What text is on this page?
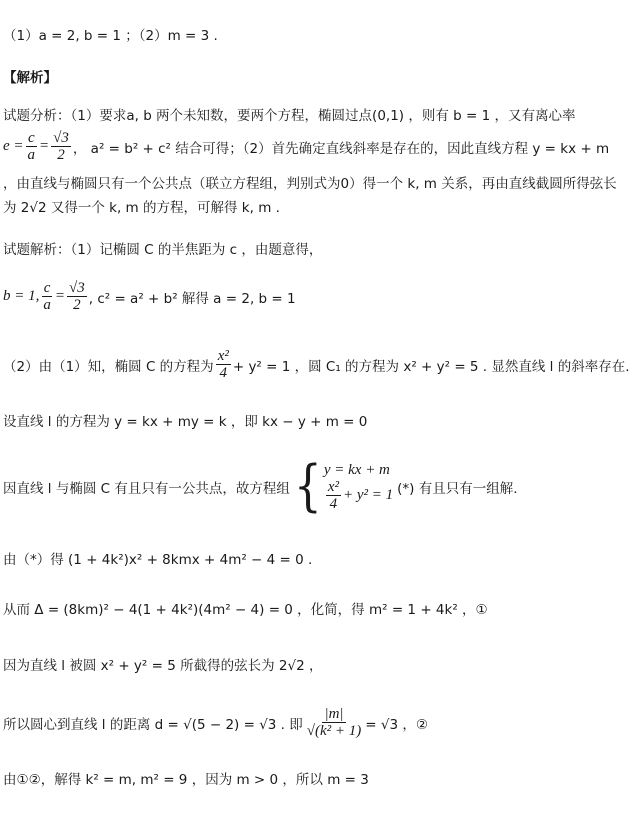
（1）a = 2, b = 1 ；（2）m = 3 .
【解析】
试题分析：（1）要求a, b 两个未知数，要两个方程，椭圆过点(0,1) ，则有 b = 1 ，又有离心率
$e = \frac{c}{a} = \frac{√3}{2}$ ， a² = b² + c² 结合可得；（2）首先确定直线斜率是存在的，因此直线方程 y = kx + m
，由直线与椭圆只有一个公共点（联立方程组，判别式为0）得一个 k, m 关系，再由直线截圆所得弦长
为 2√2 又得一个 k, m 的方程，可解得 k, m .
试题解析：（1）记椭圆 C 的半焦距为 c ，由题意得，
b = 1, $\frac{c}{a} = \frac{√3}{2}$ , c² = a² + b² 解得 a = 2, b = 1
（2）由（1）知，椭圆 C 的方程为 $\frac{\text{x²}}{4} + y^2 = 1$ ，圆 C₁ 的方程为 x² + y² = 5 . 显然直线 l 的斜率存在.
设直线 l 的方程为 y = kx + my = k ，即 kx − y + m = 0
因直线 l 与椭圆 C 有且只有一公共点，故方程组 { y = kx + m
$\frac{\text{x²}}{4} + y^2 = 1$ (*) 有且只有一组解.
由（*）得 (1 + 4k²)x² + 8kmx + 4m² − 4 = 0 .
从而 Δ = (8km)² − 4(1 + 4k²)(4m² − 4) = 0 ，化简，得 m² = 1 + 4k² ，①
因为直线 l 被圆 x² + y² = 5 所截得的弦长为 2√2 ，
所以圆心到直线 l 的距离 d = √(5 − 2) = √3 . 即 $\frac{|m|}{\text{√(k² + 1)}} = √3$ ，②
由①②，解得 k² = m, m² = 9 ，因为 m > 0 ，所以 m = 3
